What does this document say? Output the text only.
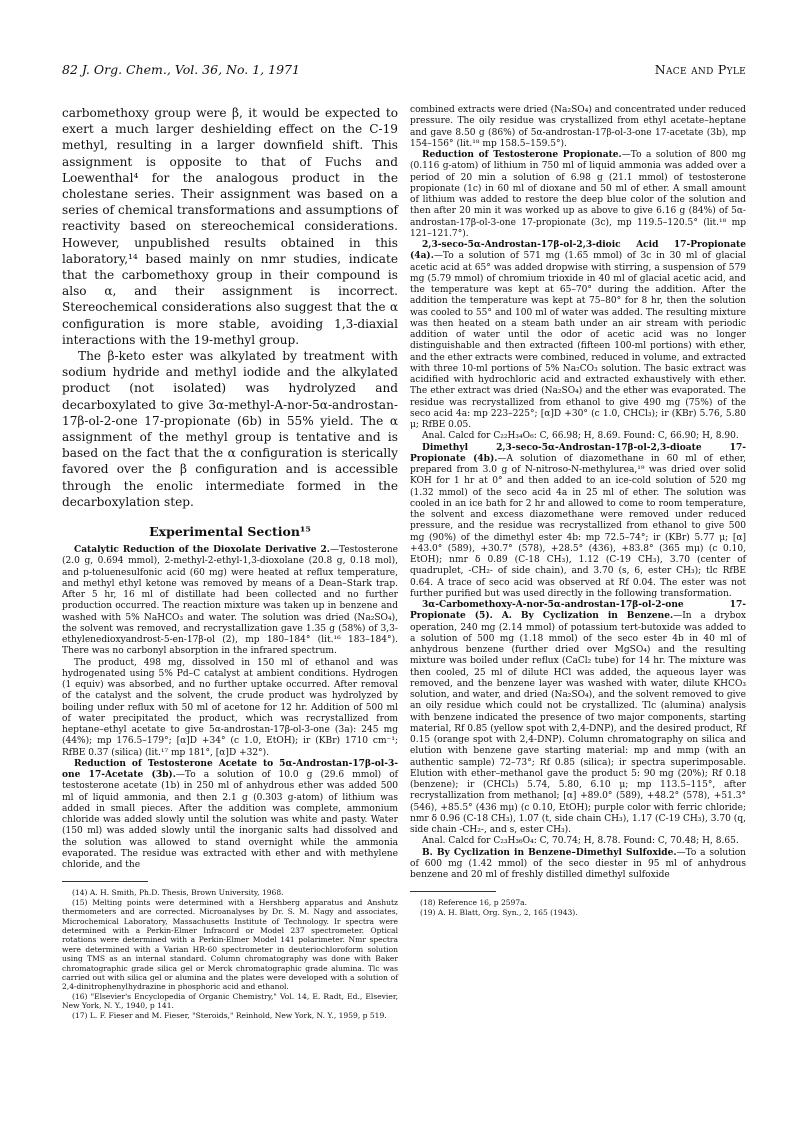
82 J. Org. Chem., Vol. 36, No. 1, 1971	Nace and Pyle

carbomethoxy group were β, it would be expected to exert a much larger deshielding effect on the C-19 methyl, resulting in a larger downfield shift. This assignment is opposite to that of Fuchs and Loewenthal⁴ for the analogous product in the cholestane series. Their assignment was based on a series of chemical transformations and assumptions of reactivity based on stereochemical considerations. However, unpublished results obtained in this laboratory,¹⁴ based mainly on nmr studies, indicate that the carbomethoxy group in their compound is also α, and their assignment is incorrect. Stereochemical considerations also suggest that the α configuration is more stable, avoiding 1,3-diaxial interactions with the 19-methyl group.

The β-keto ester was alkylated by treatment with sodium hydride and methyl iodide and the alkylated product (not isolated) was hydrolyzed and decarboxylated to give 3α-methyl-A-nor-5α-androstan-17β-ol-2-one 17-propionate (6b) in 55% yield. The α assignment of the methyl group is tentative and is based on the fact that the α configuration is sterically favored over the β configuration and is accessible through the enolic intermediate formed in the decarboxylation step.

Experimental Section¹⁵

Catalytic Reduction of the Dioxolate Derivative 2.—Testosterone (2.0 g, 0.694 mmol), 2-methyl-2-ethyl-1,3-dioxolane (20.8 g, 0.18 mol), and p-toluenesulfonic acid (60 mg) were heated at reflux temperature, and methyl ethyl ketone was removed by means of a Dean–Stark trap. After 5 hr, 16 ml of distillate had been collected and no further production occurred. The reaction mixture was taken up in benzene and washed with 5% NaHCO₃ and water. The solution was dried (Na₂SO₄), the solvent was removed, and recrystallization gave 1.35 g (58%) of 3,3-ethylenedioxyandrost-5-en-17β-ol (2), mp 180–184° (lit.¹⁶ 183–184°). There was no carbonyl absorption in the infrared spectrum.

The product, 498 mg, dissolved in 150 ml of ethanol and was hydrogenated using 5% Pd–C catalyst at ambient conditions. Hydrogen (1 equiv) was absorbed, and no further uptake occurred. After removal of the catalyst and the solvent, the crude product was hydrolyzed by boiling under reflux with 50 ml of acetone for 12 hr. Addition of 500 ml of water precipitated the product, which was recrystallized from heptane–ethyl acetate to give 5α-androstan-17β-ol-3-one (3a): 245 mg (44%); mp 176.5–179°; [α]D +34° (c 1.0, EtOH); ir (KBr) 1710 cm⁻¹; RfBE 0.37 (silica) (lit.¹⁷ mp 181°, [α]D +32°).

Reduction of Testosterone Acetate to 5α-Androstan-17β-ol-3-one 17-Acetate (3b).—To a solution of 10.0 g (29.6 mmol) of testosterone acetate (1b) in 250 ml of anhydrous ether was added 500 ml of liquid ammonia, and then 2.1 g (0.303 g-atom) of lithium was added in small pieces. After the addition was complete, ammonium chloride was added slowly until the solution was white and pasty. Water (150 ml) was added slowly until the inorganic salts had dissolved and the solution was allowed to stand overnight while the ammonia evaporated. The residue was extracted with ether and with methylene chloride, and the

(14) A. H. Smith, Ph.D. Thesis, Brown University, 1968.

(15) Melting points were determined with a Hershberg apparatus and Anshutz thermometers and are corrected. Microanalyses by Dr. S. M. Nagy and associates, Microchemical Laboratory, Massachusetts Institute of Technology. Ir spectra were determined with a Perkin-Elmer Infracord or Model 237 spectrometer. Optical rotations were determined with a Perkin-Elmer Model 141 polarimeter. Nmr spectra were determined with a Varian HR-60 spectrometer in deuteriochloroform solution using TMS as an internal standard. Column chromatography was done with Baker chromatographic grade silica gel or Merck chromatographic grade alumina. Tlc was carried out with silica gel or alumina and the plates were developed with a solution of 2,4-dinitrophenylhydrazine in phosphoric acid and ethanol.

(16) "Elsevier's Encyclopedia of Organic Chemistry," Vol. 14, E. Radt, Ed., Elsevier, New York, N. Y., 1940, p 141.

(17) L. F. Fieser and M. Fieser, "Steroids," Reinhold, New York, N. Y., 1959, p 519.

combined extracts were dried (Na₂SO₄) and concentrated under reduced pressure. The oily residue was crystallized from ethyl acetate–heptane and gave 8.50 g (86%) of 5α-androstan-17β-ol-3-one 17-acetate (3b), mp 154–156° (lit.¹⁸ mp 158.5–159.5°).

Reduction of Testosterone Propionate.—To a solution of 800 mg (0.116 g-atom) of lithium in 750 ml of liquid ammonia was added over a period of 20 min a solution of 6.98 g (21.1 mmol) of testosterone propionate (1c) in 60 ml of dioxane and 50 ml of ether. A small amount of lithium was added to restore the deep blue color of the solution and then after 20 min it was worked up as above to give 6.16 g (84%) of 5α-androstan-17β-ol-3-one 17-propionate (3c), mp 119.5–120.5° (lit.¹⁸ mp 121–121.7°).

2,3-seco-5α-Androstan-17β-ol-2,3-dioic Acid 17-Propionate (4a).—To a solution of 571 mg (1.65 mmol) of 3c in 30 ml of glacial acetic acid at 65° was added dropwise with stirring, a suspension of 579 mg (5.79 mmol) of chromium trioxide in 40 ml of glacial acetic acid, and the temperature was kept at 65–70° during the addition. After the addition the temperature was kept at 75–80° for 8 hr, then the solution was cooled to 55° and 100 ml of water was added. The resulting mixture was then heated on a steam bath under an air stream with periodic addition of water until the odor of acetic acid was no longer distinguishable and then extracted (fifteen 100-ml portions) with ether, and the ether extracts were combined, reduced in volume, and extracted with three 10-ml portions of 5% Na₂CO₃ solution. The basic extract was acidified with hydrochloric acid and extracted exhaustively with ether. The ether extract was dried (Na₂SO₄) and the ether was evaporated. The residue was recrystallized from ethanol to give 490 mg (75%) of the seco acid 4a: mp 223–225°; [α]D +30° (c 1.0, CHCl₃); ir (KBr) 5.76, 5.80 μ; RfBE 0.05.

Anal. Calcd for C₂₂H₃₄O₆: C, 66.98; H, 8.69. Found: C, 66.90; H, 8.90.

Dimethyl 2,3-seco-5α-Androstan-17β-ol-2,3-dioate 17-Propionate (4b).—A solution of diazomethane in 60 ml of ether, prepared from 3.0 g of N-nitroso-N-methylurea,¹⁹ was dried over solid KOH for 1 hr at 0° and then added to an ice-cold solution of 520 mg (1.32 mmol) of the seco acid 4a in 25 ml of ether. The solution was cooled in an ice bath for 2 hr and allowed to come to room temperature, the solvent and excess diazomethane were removed under reduced pressure, and the residue was recrystallized from ethanol to give 500 mg (90%) of the dimethyl ester 4b: mp 72.5–74°; ir (KBr) 5.77 μ; [α] +43.0° (589), +30.7° (578), +28.5° (436), +83.8° (365 mμ) (c 0.10, EtOH); nmr δ 0.89 (C-18 CH₃), 1.12 (C-19 CH₃), 3.70 (center of quadruplet, -CH₂- of side chain), and 3.70 (s, 6, ester CH₃); tlc RfBE 0.64. A trace of seco acid was observed at Rf 0.04. The ester was not further purified but was used directly in the following transformation.

3α-Carbomethoxy-A-nor-5α-androstan-17β-ol-2-one 17-Propionate (5). A. By Cyclization in Benzene.—In a drybox operation, 240 mg (2.14 mmol) of potassium tert-butoxide was added to a solution of 500 mg (1.18 mmol) of the seco ester 4b in 40 ml of anhydrous benzene (further dried over MgSO₄) and the resulting mixture was boiled under reflux (CaCl₂ tube) for 14 hr. The mixture was then cooled, 25 ml of dilute HCl was added, the aqueous layer was removed, and the benzene layer was washed with water, dilute KHCO₃ solution, and water, and dried (Na₂SO₄), and the solvent removed to give an oily residue which could not be crystallized. Tlc (alumina) analysis with benzene indicated the presence of two major components, starting material, Rf 0.85 (yellow spot with 2,4-DNP), and the desired product, Rf 0.15 (orange spot with 2,4-DNP). Column chromatography on silica and elution with benzene gave starting material: mp and mmp (with an authentic sample) 72–73°; Rf 0.85 (silica); ir spectra superimposable. Elution with ether–methanol gave the product 5: 90 mg (20%); Rf 0.18 (benzene); ir (CHCl₃) 5.74, 5.80, 6.10 μ; mp 113.5–115°, after recrystallization from methanol; [α] +89.0° (589), +48.2° (578), +51.3° (546), +85.5° (436 mμ) (c 0.10, EtOH); purple color with ferric chloride; nmr δ 0.96 (C-18 CH₃), 1.07 (t, side chain CH₃), 1.17 (C-19 CH₃), 3.70 (q, side chain -CH₂-, and s, ester CH₃).

Anal. Calcd for C₂₃H₃₆O₄: C, 70.74; H, 8.78. Found: C, 70.48; H, 8.65.

B. By Cyclization in Benzene–Dimethyl Sulfoxide.—To a solution of 600 mg (1.42 mmol) of the seco diester in 95 ml of anhydrous benzene and 20 ml of freshly distilled dimethyl sulfoxide

(18) Reference 16, p 2597a.

(19) A. H. Blatt, Org. Syn., 2, 165 (1943).
